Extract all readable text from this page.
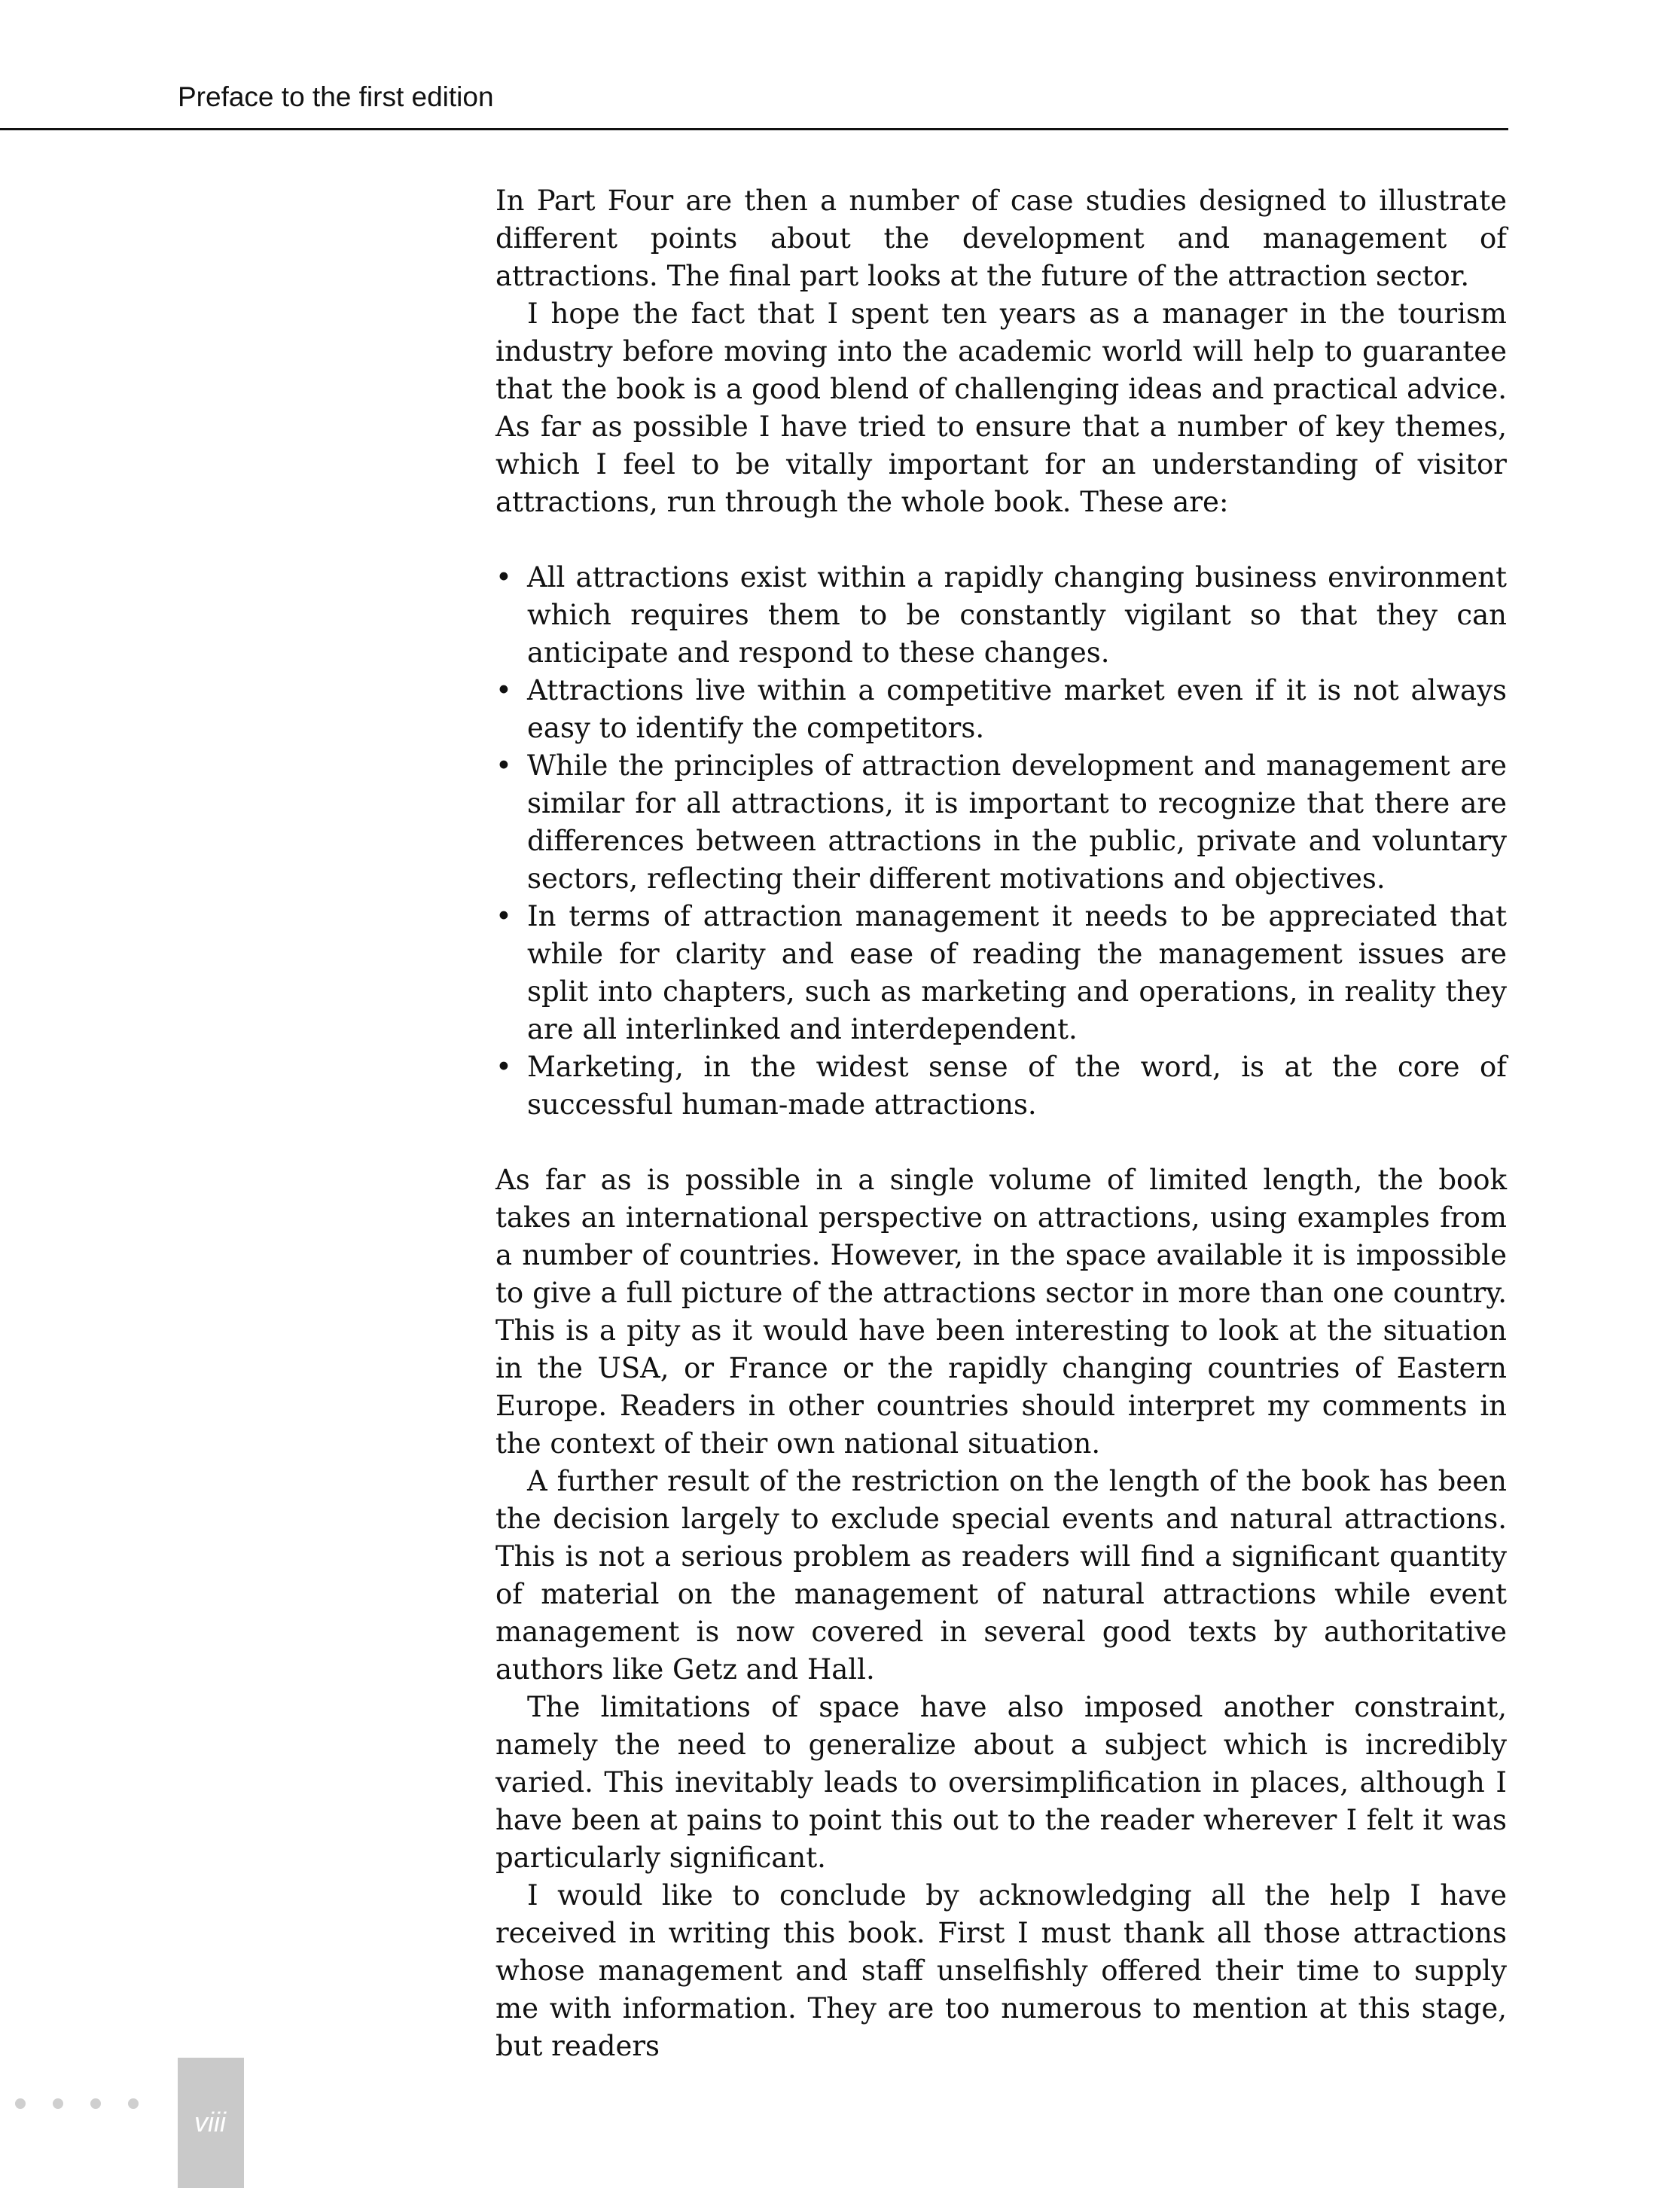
Preface to the first edition

In Part Four are then a number of case studies designed to illustrate different points about the development and management of attractions. The final part looks at the future of the attraction sector.

I hope the fact that I spent ten years as a manager in the tourism industry before moving into the academic world will help to guarantee that the book is a good blend of challenging ideas and practical advice. As far as possible I have tried to ensure that a number of key themes, which I feel to be vitally important for an understanding of visitor attractions, run through the whole book. These are:

• All attractions exist within a rapidly changing business environment which requires them to be constantly vigilant so that they can anticipate and respond to these changes.
• Attractions live within a competitive market even if it is not always easy to identify the competitors.
• While the principles of attraction development and management are similar for all attractions, it is important to recognize that there are differences between attractions in the public, private and voluntary sectors, reflecting their different motivations and objectives.
• In terms of attraction management it needs to be appreciated that while for clarity and ease of reading the management issues are split into chapters, such as marketing and operations, in reality they are all interlinked and interdependent.
• Marketing, in the widest sense of the word, is at the core of successful human-made attractions.

As far as is possible in a single volume of limited length, the book takes an international perspective on attractions, using examples from a number of countries. However, in the space available it is impossible to give a full picture of the attractions sector in more than one country. This is a pity as it would have been interesting to look at the situation in the USA, or France or the rapidly changing countries of Eastern Europe. Readers in other countries should interpret my comments in the context of their own national situation.

A further result of the restriction on the length of the book has been the decision largely to exclude special events and natural attractions. This is not a serious problem as readers will find a significant quantity of material on the management of natural attractions while event management is now covered in several good texts by authoritative authors like Getz and Hall.

The limitations of space have also imposed another constraint, namely the need to generalize about a subject which is incredibly varied. This inevitably leads to oversimplification in places, although I have been at pains to point this out to the reader wherever I felt it was particularly significant.

I would like to conclude by acknowledging all the help I have received in writing this book. First I must thank all those attractions whose management and staff unselfishly offered their time to supply me with information. They are too numerous to mention at this stage, but readers

viii
